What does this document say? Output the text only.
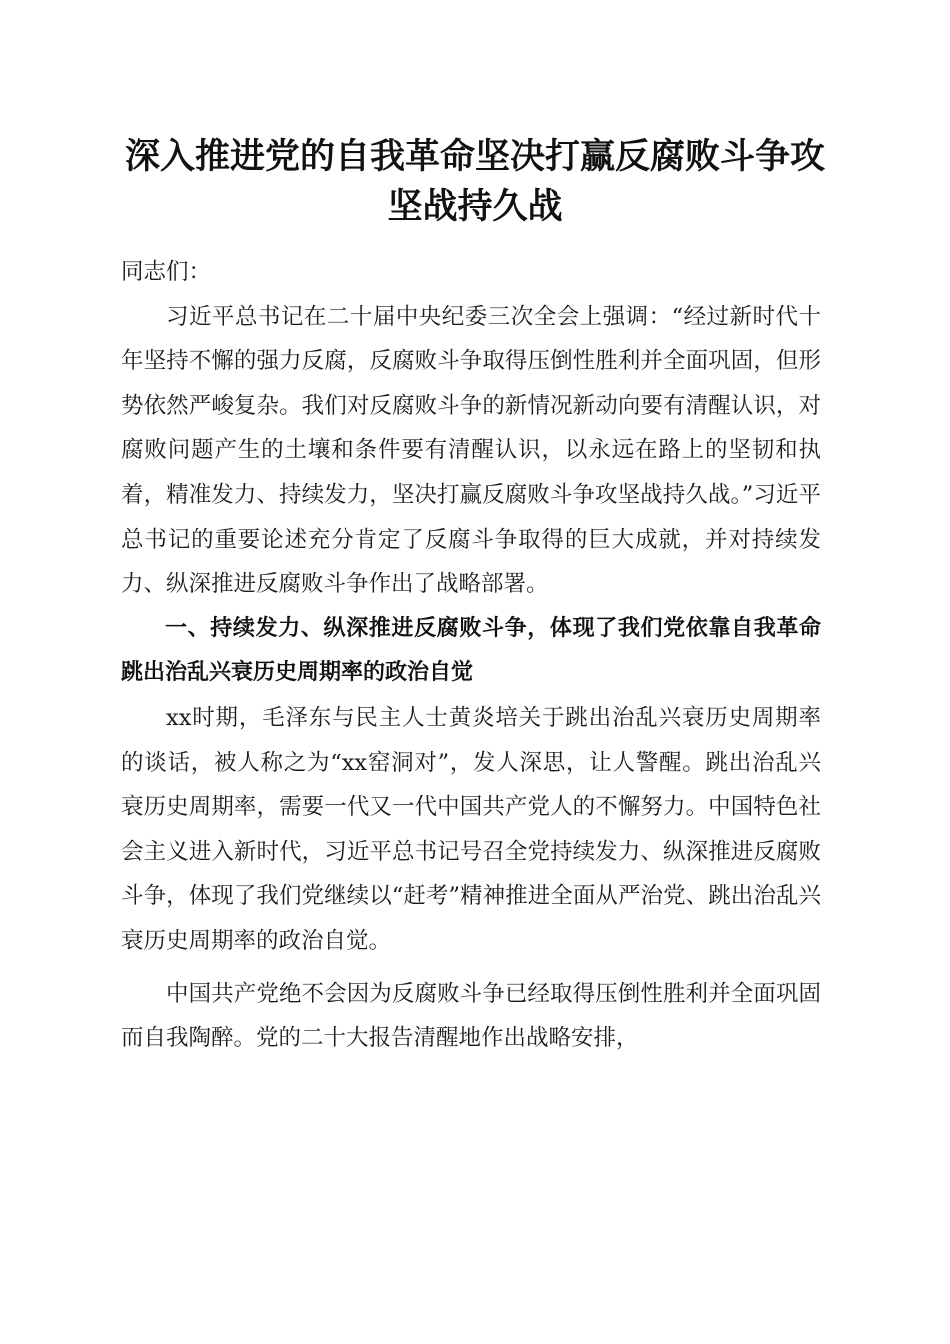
深入推进党的自我革命坚决打赢反腐败斗争攻
坚战持久战

同志们：

习近平总书记在二十届中央纪委三次全会上强调：“经过新时代十年坚持不懈的强力反腐，反腐败斗争取得压倒性胜利并全面巩固，但形势依然严峻复杂。我们对反腐败斗争的新情况新动向要有清醒认识，对腐败问题产生的土壤和条件要有清醒认识，以永远在路上的坚韧和执着，精准发力、持续发力，坚决打赢反腐败斗争攻坚战持久战。”习近平总书记的重要论述充分肯定了反腐斗争取得的巨大成就，并对持续发力、纵深推进反腐败斗争作出了战略部署。

一、持续发力、纵深推进反腐败斗争，体现了我们党依靠自我革命跳出治乱兴衰历史周期率的政治自觉

xx时期，毛泽东与民主人士黄炎培关于跳出治乱兴衰历史周期率的谈话，被人称之为“xx窑洞对”，发人深思，让人警醒。跳出治乱兴衰历史周期率，需要一代又一代中国共产党人的不懈努力。中国特色社会主义进入新时代，习近平总书记号召全党持续发力、纵深推进反腐败斗争，体现了我们党继续以“赶考”精神推进全面从严治党、跳出治乱兴衰历史周期率的政治自觉。

中国共产党绝不会因为反腐败斗争已经取得压倒性胜利并全面巩固而自我陶醉。党的二十大报告清醒地作出战略安排，
